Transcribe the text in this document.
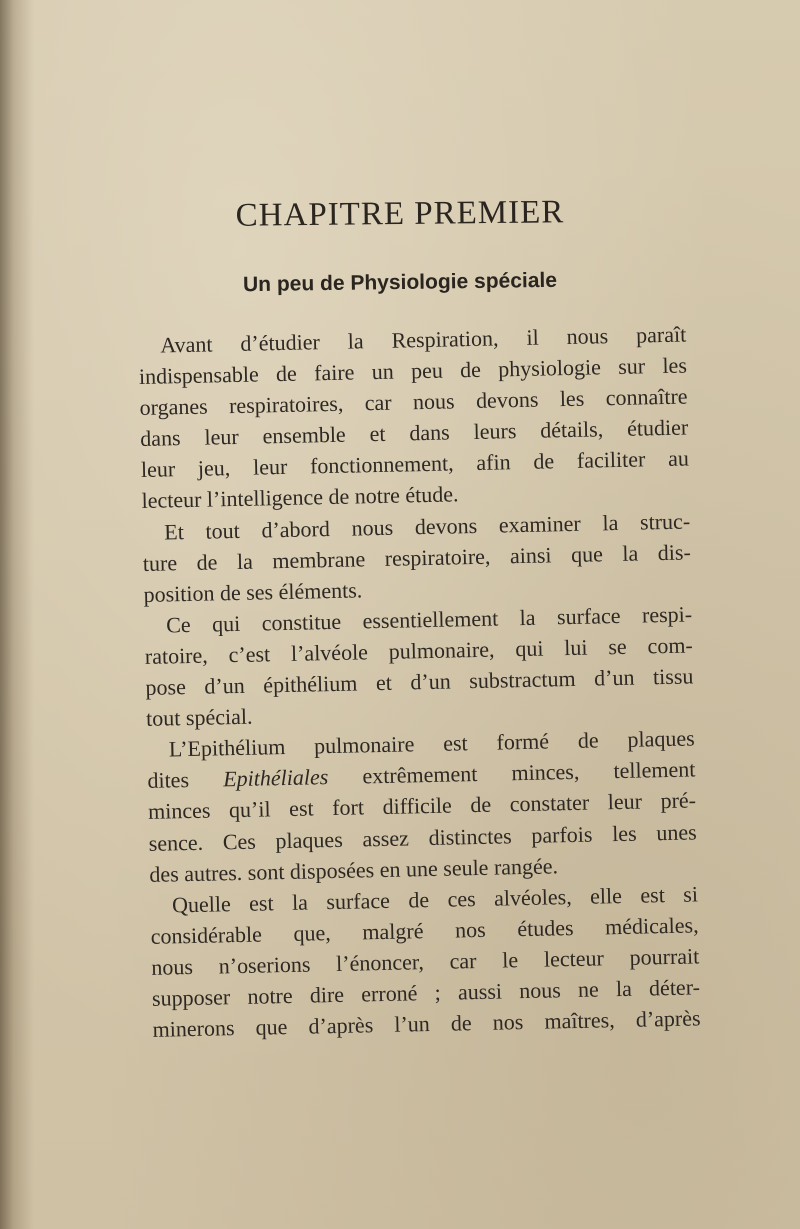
CHAPITRE PREMIER
Un peu de Physiologie spéciale
Avant d’étudier la Respiration, il nous paraît
indispensable de faire un peu de physiologie sur les
organes respiratoires, car nous devons les connaître
dans leur ensemble et dans leurs détails, étudier
leur jeu, leur fonctionnement, afin de faciliter au
lecteur l’intelligence de notre étude.
Et tout d’abord nous devons examiner la struc-
ture de la membrane respiratoire, ainsi que la dis-
position de ses éléments.
Ce qui constitue essentiellement la surface respi-
ratoire, c’est l’alvéole pulmonaire, qui lui se com-
pose d’un épithélium et d’un substractum d’un tissu
tout spécial.
L’Epithélium pulmonaire est formé de plaques
dites Epithéliales extrêmement minces, tellement
minces qu’il est fort difficile de constater leur pré-
sence. Ces plaques assez distinctes parfois les unes
des autres. sont disposées en une seule rangée.
Quelle est la surface de ces alvéoles, elle est si
considérable que, malgré nos études médicales,
nous n’oserions l’énoncer, car le lecteur pourrait
supposer notre dire erroné ; aussi nous ne la déter-
minerons que d’après l’un de nos maîtres, d’après
